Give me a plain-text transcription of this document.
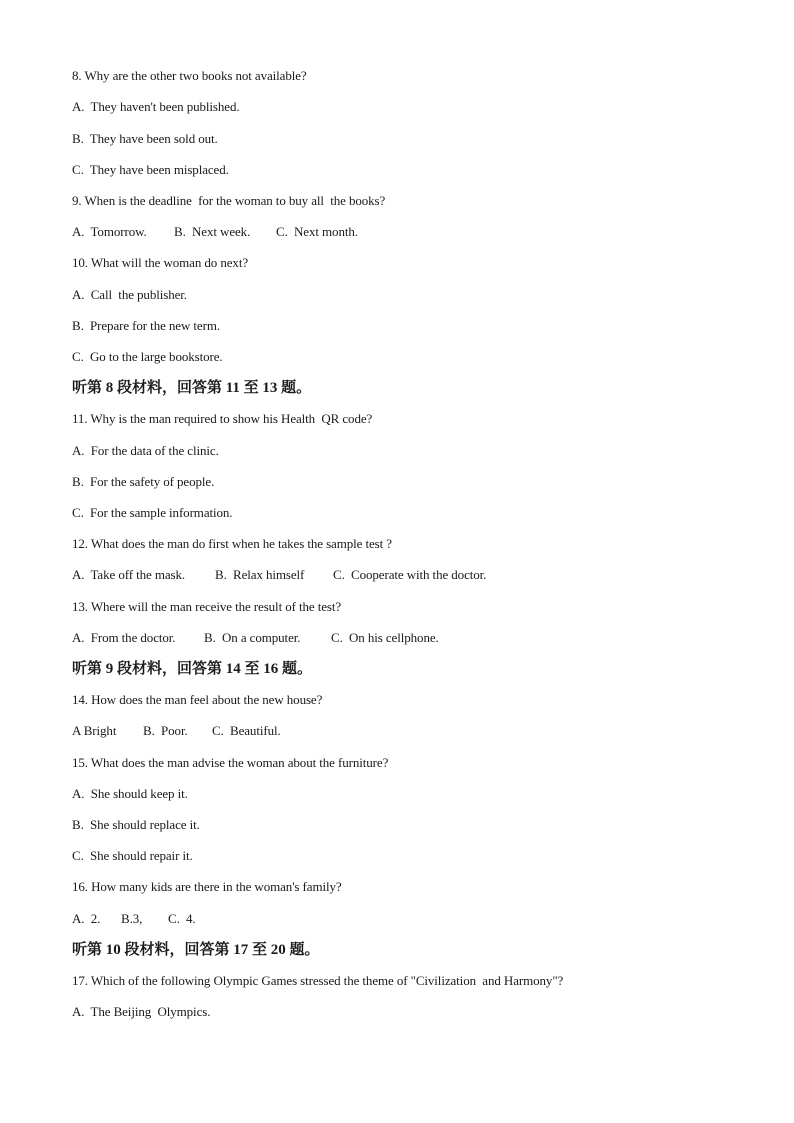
8. Why are the other two books not available?
A.  They haven't been published.
B.  They have been sold out.
C.  They have been misplaced.
9. When is the deadline  for the woman to buy all  the books?
A.  Tomorrow. B.  Next week. C.  Next month.
10. What will the woman do next?
A.  Call  the publisher.
B.  Prepare for the new term.
C.  Go to the large bookstore.
听第 8 段材料，回答第 11 至 13 题。
11. Why is the man required to show his Health  QR code?
A.  For the data of the clinic.
B.  For the safety of people.
C.  For the sample information.
12. What does the man do first when he takes the sample test ?
A.  Take off the mask. B.  Relax himself C.  Cooperate with the doctor.
13. Where will the man receive the result of the test?
A.  From the doctor. B.  On a computer. C.  On his cellphone.
听第 9 段材料，回答第 14 至 16 题。
14. How does the man feel about the new house?
A Bright B.  Poor. C.  Beautiful.
15. What does the man advise the woman about the furniture?
A.  She should keep it.
B.  She should replace it.
C.  She should repair it.
16. How many kids are there in the woman's family?
A.  2. B.3, C.  4.
听第 10 段材料，回答第 17 至 20 题。
17. Which of the following Olympic Games stressed the theme of "Civilization  and Harmony"?
A.  The Beijing  Olympics.
